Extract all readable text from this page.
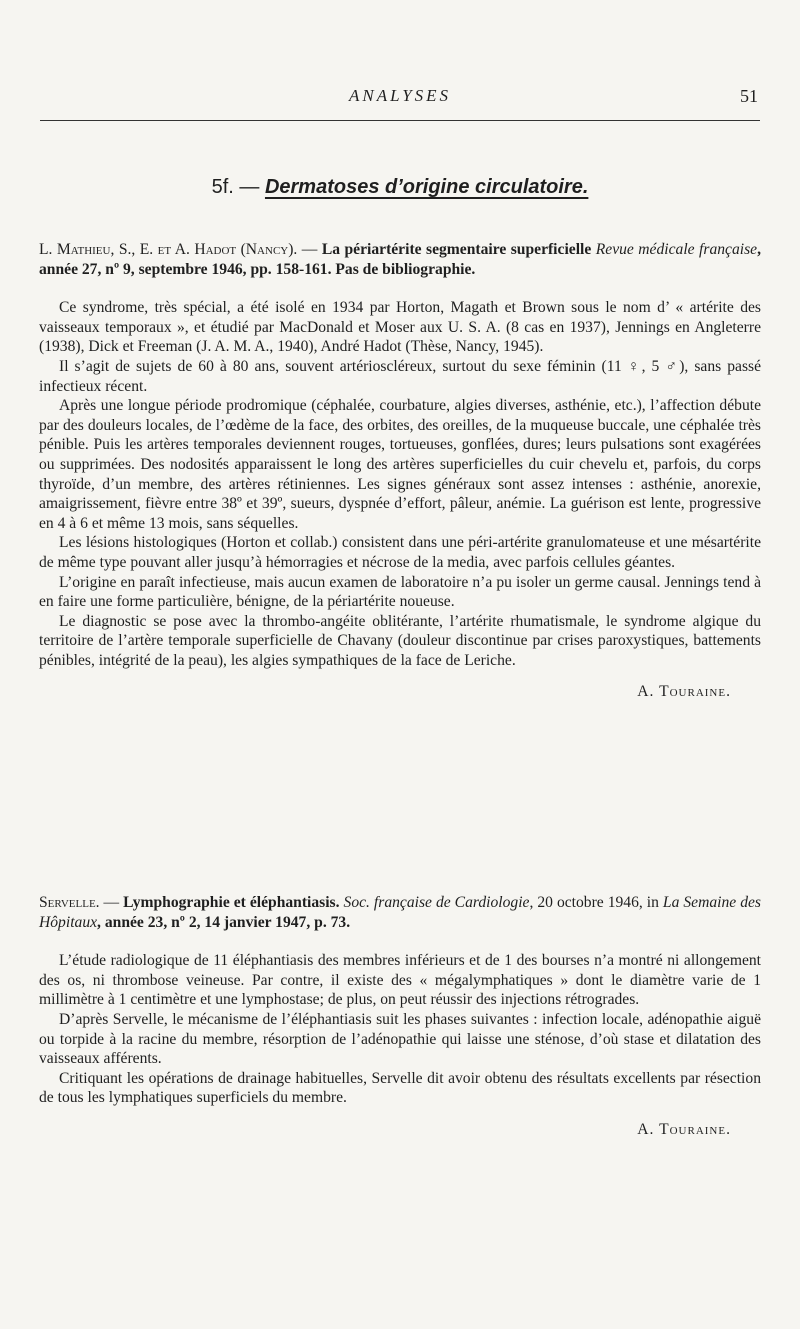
ANALYSES	51
5f. — Dermatoses d’origine circulatoire.

L. Mathieu, S., E. et A. Hadot (Nancy). — La périartérite segmentaire superficielle Revue médicale française, année 27, nº 9, septembre 1946, pp. 158-161. Pas de bibliographie.

Ce syndrome, très spécial, a été isolé en 1934 par Horton, Magath et Brown sous le nom d’ « artérite des vaisseaux temporaux », et étudié par MacDonald et Moser aux U. S. A. (8 cas en 1937), Jennings en Angleterre (1938), Dick et Freeman (J. A. M. A., 1940), André Hadot (Thèse, Nancy, 1945).

Il s’agit de sujets de 60 à 80 ans, souvent artérioscléreux, surtout du sexe féminin (11 ♀, 5 ♂), sans passé infectieux récent.

Après une longue période prodromique (céphalée, courbature, algies diverses, asthénie, etc.), l’affection débute par des douleurs locales, de l’œdème de la face, des orbites, des oreilles, de la muqueuse buccale, une céphalée très pénible. Puis les artères temporales deviennent rouges, tortueuses, gonflées, dures; leurs pulsations sont exagérées ou supprimées. Des nodosités apparaissent le long des artères superficielles du cuir chevelu et, parfois, du corps thyroïde, d’un membre, des artères rétiniennes. Les signes généraux sont assez intenses : asthénie, anorexie, amaigrissement, fièvre entre 38º et 39º, sueurs, dyspnée d’effort, pâleur, anémie. La guérison est lente, progressive en 4 à 6 et même 13 mois, sans séquelles.

Les lésions histologiques (Horton et collab.) consistent dans une péri-artérite granulomateuse et une mésartérite de même type pouvant aller jusqu’à hémorragies et nécrose de la media, avec parfois cellules géantes.

L’origine en paraît infectieuse, mais aucun examen de laboratoire n’a pu isoler un germe causal. Jennings tend à en faire une forme particulière, bénigne, de la périartérite noueuse.

Le diagnostic se pose avec la thrombo-angéite oblitérante, l’artérite rhumatismale, le syndrome algique du territoire de l’artère temporale superficielle de Chavany (douleur discontinue par crises paroxystiques, battements pénibles, intégrité de la peau), les algies sympathiques de la face de Leriche.

A. Touraine.

Servelle. — Lymphographie et éléphantiasis. Soc. française de Cardiologie, 20 octobre 1946, in La Semaine des Hôpitaux, année 23, nº 2, 14 janvier 1947, p. 73.

L’étude radiologique de 11 éléphantiasis des membres inférieurs et de 1 des bourses n’a montré ni allongement des os, ni thrombose veineuse. Par contre, il existe des « mégalymphatiques » dont le diamètre varie de 1 millimètre à 1 centimètre et une lymphostase; de plus, on peut réussir des injections rétrogrades.

D’après Servelle, le mécanisme de l’éléphantiasis suit les phases suivantes : infection locale, adénopathie aiguë ou torpide à la racine du membre, résorption de l’adénopathie qui laisse une sténose, d’où stase et dilatation des vaisseaux afférents.

Critiquant les opérations de drainage habituelles, Servelle dit avoir obtenu des résultats excellents par résection de tous les lymphatiques superficiels du membre.

A. Touraine.
